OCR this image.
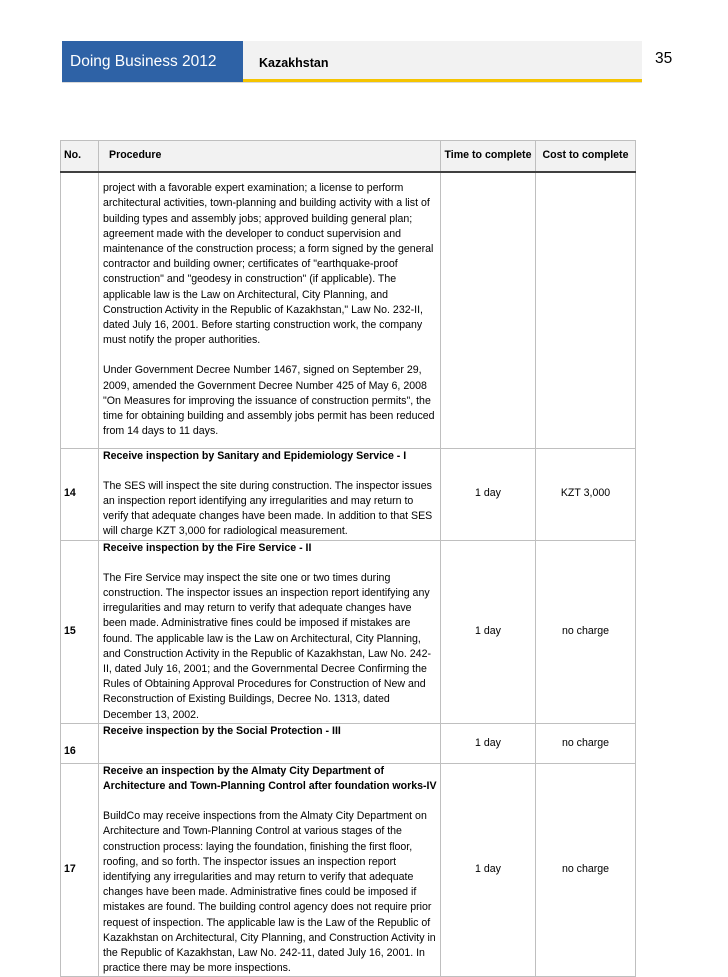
Doing Business 2012	Kazakhstan	35
No.	Procedure	Time to complete	Cost to complete

	project with a favorable expert examination; a license to perform architectural activities, town-planning and building activity with a list of building types and assembly jobs; approved building general plan; agreement made with the developer to conduct supervision and maintenance of the construction process; a form signed by the general contractor and building owner; certificates of "earthquake-proof construction" and "geodesy in construction" (if applicable). The applicable law is the Law on Architectural, City Planning, and Construction Activity in the Republic of Kazakhstan," Law No. 232-II, dated July 16, 2001. Before starting construction work, the company must notify the proper authorities.

Under Government Decree Number 1467, signed on September 29, 2009, amended the Government Decree Number 425 of May 6, 2008 "On Measures for improving the issuance of construction permits", the time for obtaining building and assembly jobs permit has been reduced from 14 days to 11 days.		

14	Receive inspection by Sanitary and Epidemiology Service - I

The SES will inspect the site during construction. The inspector issues an inspection report identifying any irregularities and may return to verify that adequate changes have been made. In addition to that SES will charge KZT 3,000 for radiological measurement.	1 day	KZT 3,000
15	Receive inspection by the Fire Service - II

The Fire Service may inspect the site one or two times during construction. The inspector issues an inspection report identifying any irregularities and may return to verify that adequate changes have been made. Administrative fines could be imposed if mistakes are found. The applicable law is the Law on Architectural, City Planning, and Construction Activity in the Republic of Kazakhstan, Law No. 242-II, dated July 16, 2001; and the Governmental Decree Confirming the Rules of Obtaining Approval Procedures for Construction of New and Reconstruction of Existing Buildings, Decree No. 1313, dated December 13, 2002.	1 day	no charge
16	Receive inspection by the Social Protection - III	1 day	no charge
17	Receive an inspection by the Almaty City Department of Architecture and Town-Planning Control after foundation works-IV

BuildCo may receive inspections from the Almaty City Department on Architecture and Town-Planning Control at various stages of the construction process: laying the foundation, finishing the first floor, roofing, and so forth. The inspector issues an inspection report identifying any irregularities and may return to verify that adequate changes have been made. Administrative fines could be imposed if mistakes are found. The building control agency does not require prior request of inspection. The applicable law is the Law of the Republic of Kazakhstan on Architectural, City Planning, and Construction Activity in the Republic of Kazakhstan, Law No. 242-11, dated July 16, 2001. In practice there may be more inspections.	1 day	no charge
